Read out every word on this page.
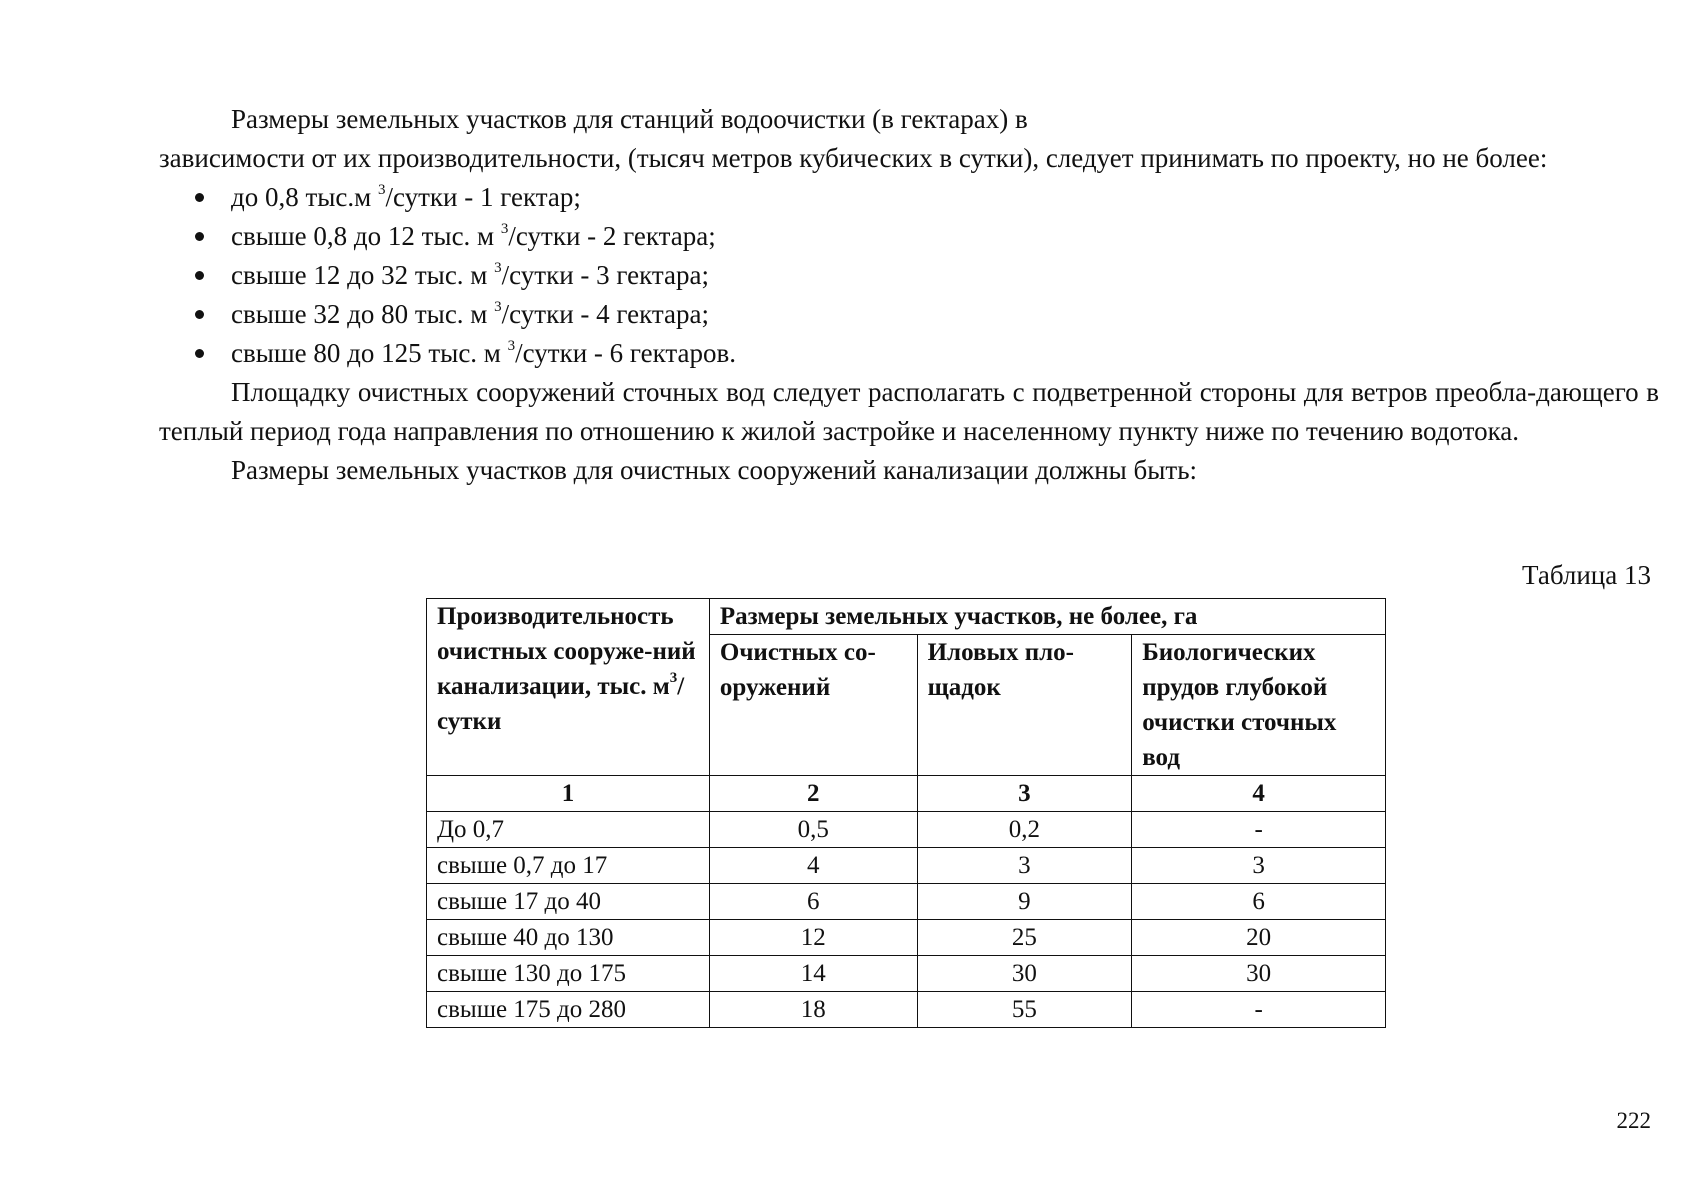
Размеры земельных участков для станций водоочистки (в гектарах) в

зависимости от их производительности, (тысяч метров кубических в сутки), следует принимать по проекту, но не более:

до 0,8 тыс.м $^3$/сутки - 1 гектар;
свыше 0,8 до 12 тыс. м $^3$/сутки - 2 гектара;
свыше 12 до 32 тыс. м $^3$/сутки - 3 гектара;
свыше 32 до 80 тыс. м $^3$/сутки - 4 гектара;
свыше 80 до 125 тыс. м $^3$/сутки - 6 гектаров.

Площадку очистных сооружений сточных вод следует располагать с подветренной стороны для ветров преобла-дающего в теплый период года направления по отношению к жилой застройке и населенному пункту ниже по течению водотока.

Размеры земельных участков для очистных сооружений канализации должны быть:

Таблица 13
Производительность очистных сооруже-ний канализации, тыс. $м^3/$ сутки	Размеры земельных участков, не более, га		
	Очистных со-оружений	Иловых пло-щадок	Биологических прудов глубокой очистки сточных вод
1	2	3	4
До 0,7	0,5	0,2	-
свыше 0,7 до 17	4	3	3
свыше 17 до 40	6	9	6
свыше 40 до 130	12	25	20
свыше 130 до 175	14	30	30
свыше 175 до 280	18	55	-
222
